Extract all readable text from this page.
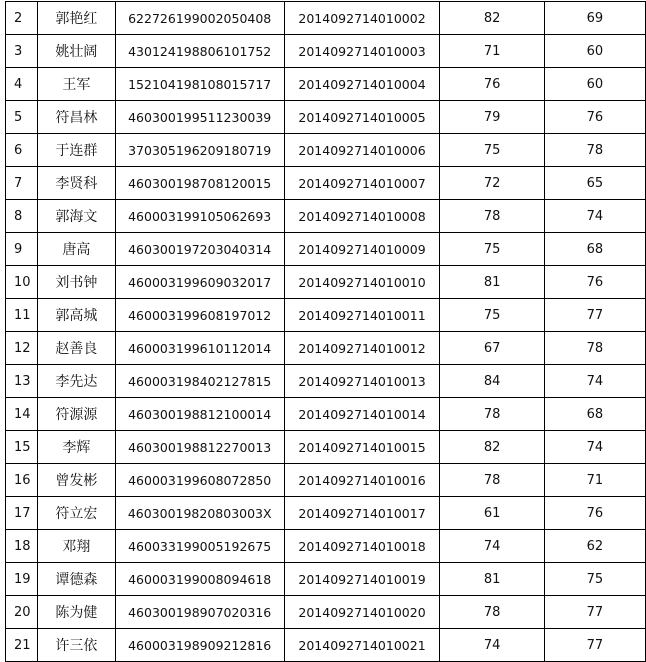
2	郭艳红	622726199002050408	2014092714010002	82	69
3	姚壮阔	430124198806101752	2014092714010003	71	60
4	王军	152104198108015717	2014092714010004	76	60
5	符昌林	460300199511230039	2014092714010005	79	76
6	于连群	370305196209180719	2014092714010006	75	78
7	李贤科	460300198708120015	2014092714010007	72	65
8	郭海文	460003199105062693	2014092714010008	78	74
9	唐高	460300197203040314	2014092714010009	75	68
10	刘书钟	460003199609032017	2014092714010010	81	76
11	郭高城	460003199608197012	2014092714010011	75	77
12	赵善良	460003199610112014	2014092714010012	67	78
13	李先达	460003198402127815	2014092714010013	84	74
14	符源源	460300198812100014	2014092714010014	78	68
15	李辉	460300198812270013	2014092714010015	82	74
16	曾发彬	460003199608072850	2014092714010016	78	71
17	符立宏	46030019820803003X	2014092714010017	61	76
18	邓翔	460033199005192675	2014092714010018	74	62
19	谭德森	460003199008094618	2014092714010019	81	75
20	陈为健	460300198907020316	2014092714010020	78	77
21	许三依	460003198909212816	2014092714010021	74	77
